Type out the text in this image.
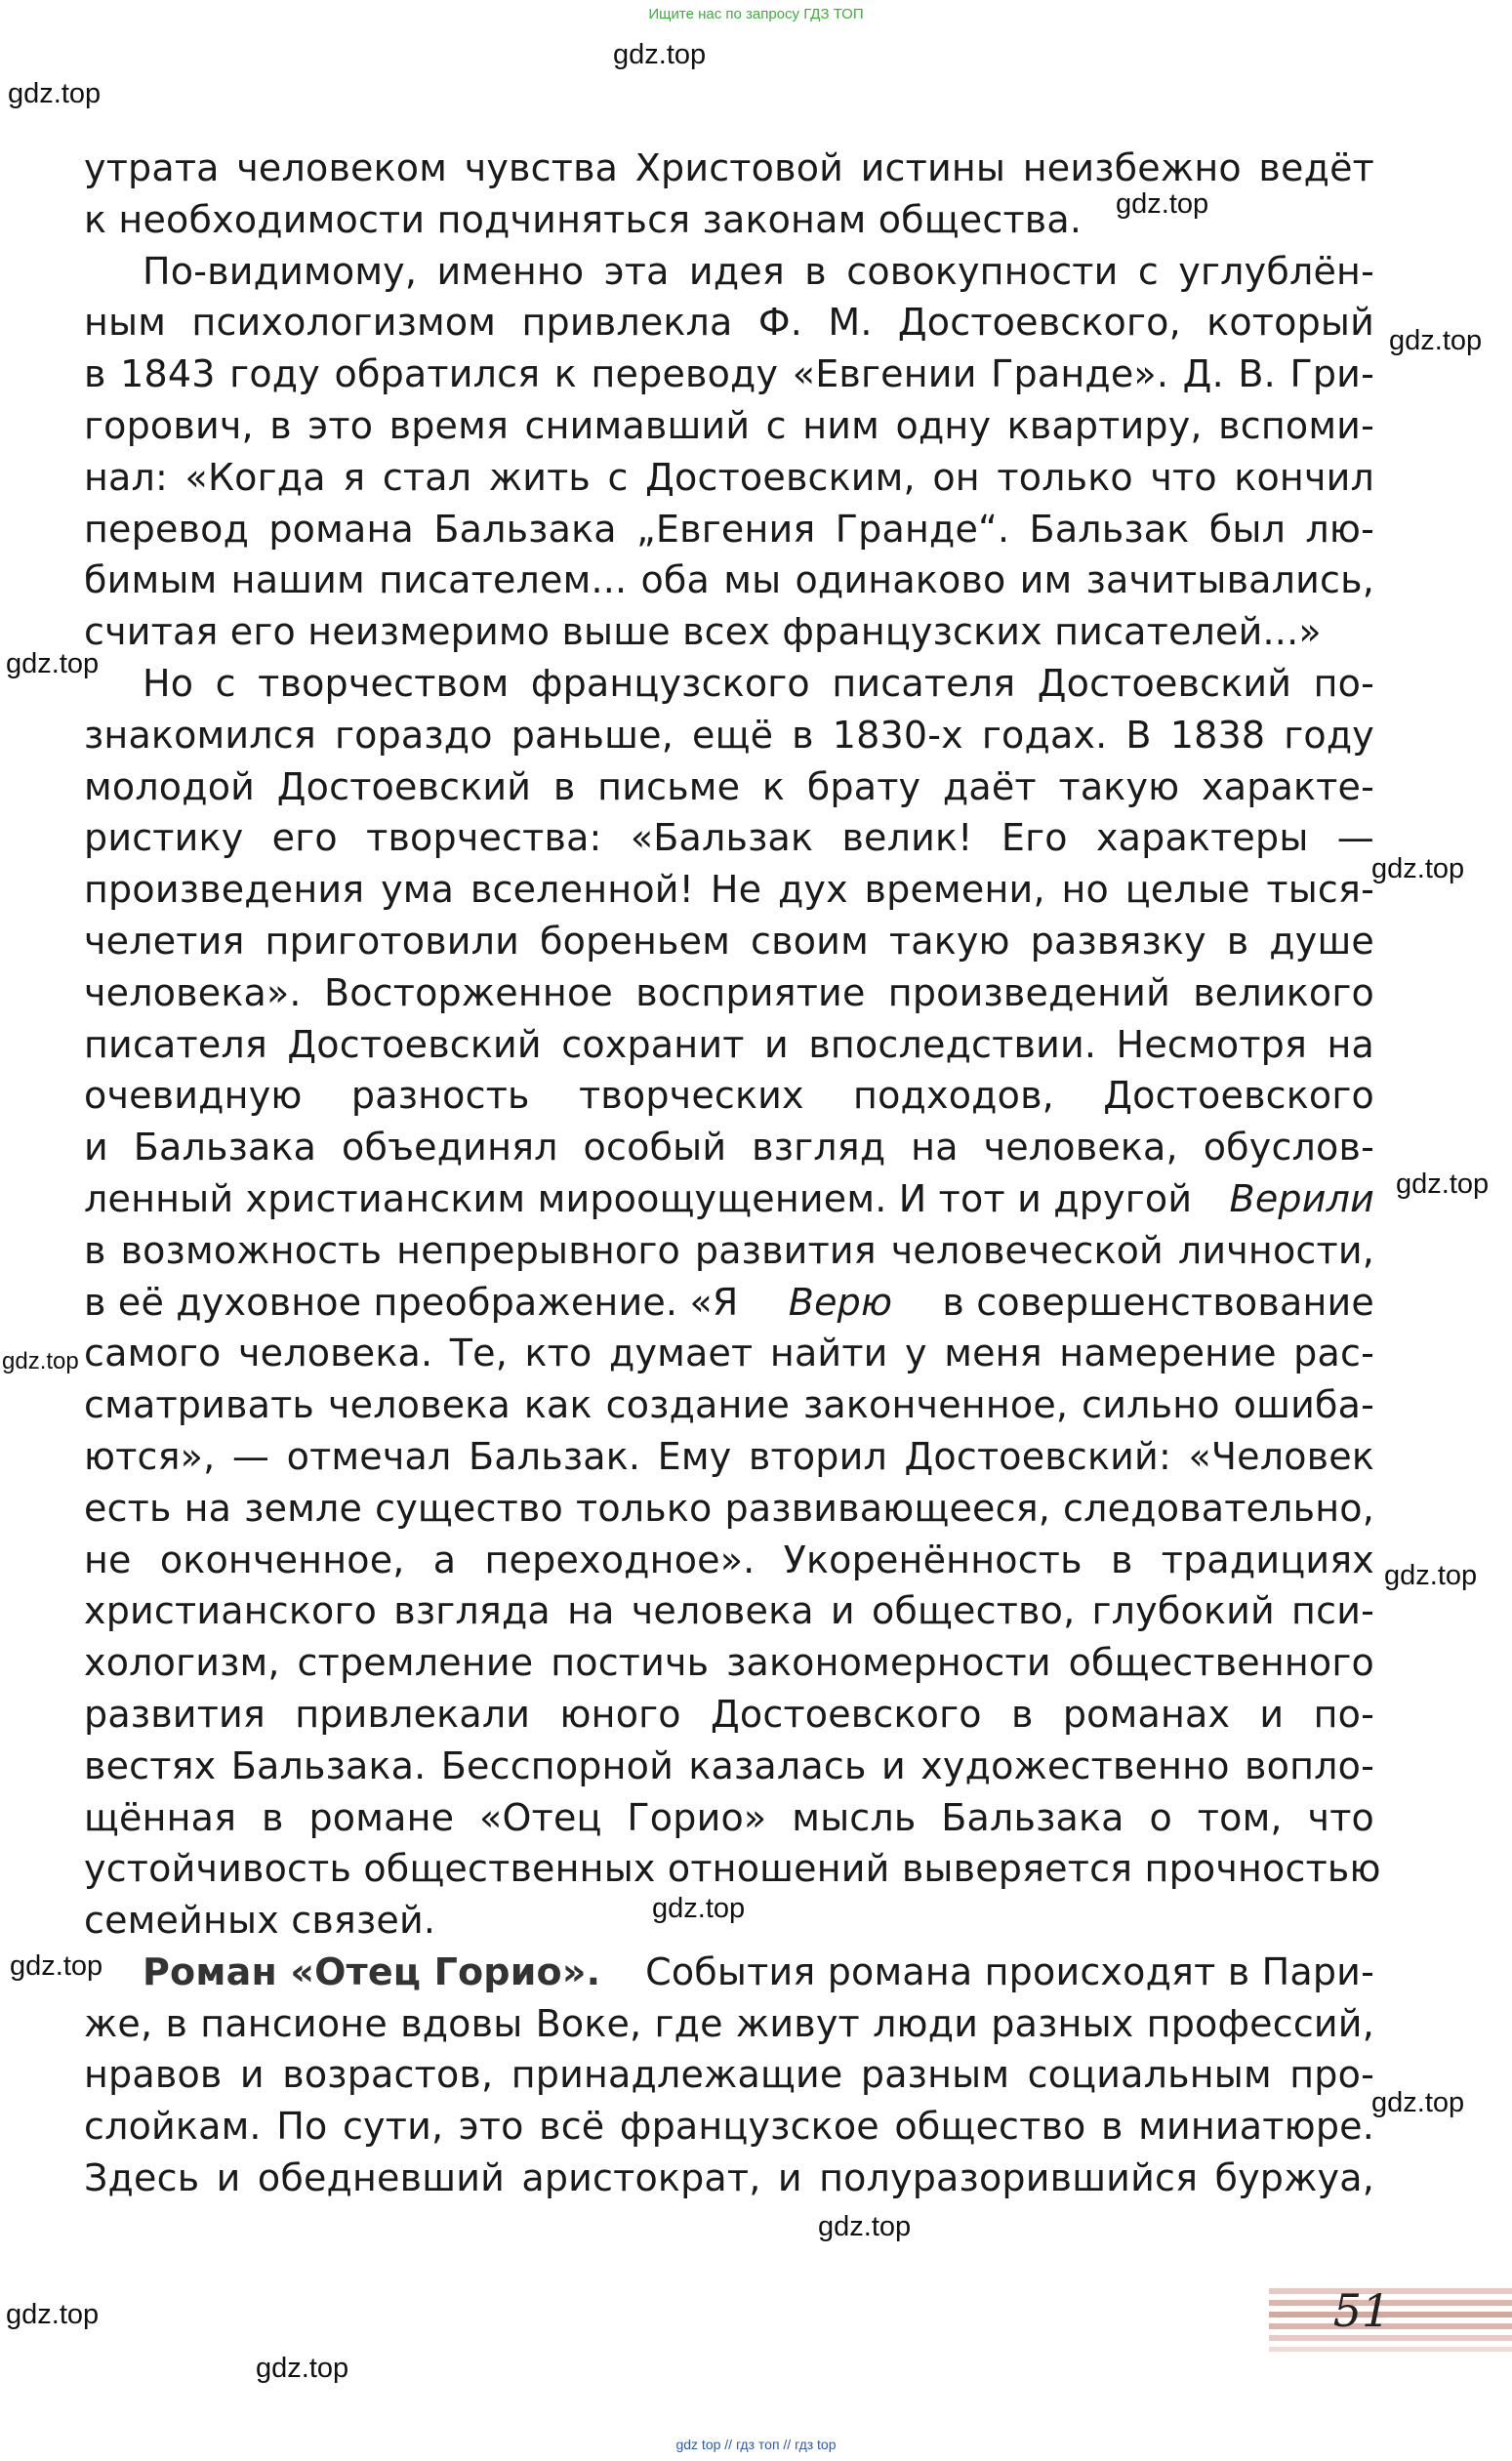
Ищите нас по запросу ГДЗ ТОП
gdz.top
gdz.top
gdz.top
gdz.top
gdz.top
gdz.top
gdz.top
gdz.top
gdz.top
gdz.top
gdz.top
gdz.top
gdz.top
gdz.top
gdz.top
утрата человеком чувства Христовой истины неизбежно ведёт
к необходимости подчиняться законам общества.
По-видимому, именно эта идея в совокупности с углублён-
ным психологизмом привлекла Ф. М. Достоевского, который
в 1843 году обратился к переводу «Евгении Гранде». Д. В. Гри-
горович, в это время снимавший с ним одну квартиру, вспоми-
нал: «Когда я стал жить с Достоевским, он только что кончил
перевод романа Бальзака „Евгения Гранде“. Бальзак был лю-
бимым нашим писателем... оба мы одинаково им зачитывались,
считая его неизмеримо выше всех французских писателей...»
Но с творчеством французского писателя Достоевский по-
знакомился гораздо раньше, ещё в 1830-х годах. В 1838 году
молодой Достоевский в письме к брату даёт такую характе-
ристику его творчества: «Бальзак велик! Его характеры —
произведения ума вселенной! Не дух времени, но целые тыся-
челетия приготовили бореньем своим такую развязку в душе
человека». Восторженное восприятие произведений великого
писателя Достоевский сохранит и впоследствии. Несмотря на
очевидную разность творческих подходов, Достоевского
и Бальзака объединял особый взгляд на человека, обуслов-
ленный христианским мироощущением. И тот и другой Верили
в возможность непрерывного развития человеческой личности,
в её духовное преображение. «Я Верю в совершенствование
самого человека. Те, кто думает найти у меня намерение рас-
сматривать человека как создание законченное, сильно ошиба-
ются», — отмечал Бальзак. Ему вторил Достоевский: «Человек
есть на земле существо только развивающееся, следовательно,
не оконченное, а переходное». Укоренённость в традициях
христианского взгляда на человека и общество, глубокий пси-
хологизм, стремление постичь закономерности общественного
развития привлекали юного Достоевского в романах и по-
вестях Бальзака. Бесспорной казалась и художественно вопло-
щённая в романе «Отец Горио» мысль Бальзака о том, что
устойчивость общественных отношений выверяется прочностью
семейных связей.
Роман «Отец Горио». События романа происходят в Пари-
же, в пансионе вдовы Воке, где живут люди разных профессий,
нравов и возрастов, принадлежащие разным социальным про-
слойкам. По сути, это всё французское общество в миниатюре.
Здесь и обедневший аристократ, и полуразорившийся буржуа,
51
gdz top // гдз топ // гдз top
